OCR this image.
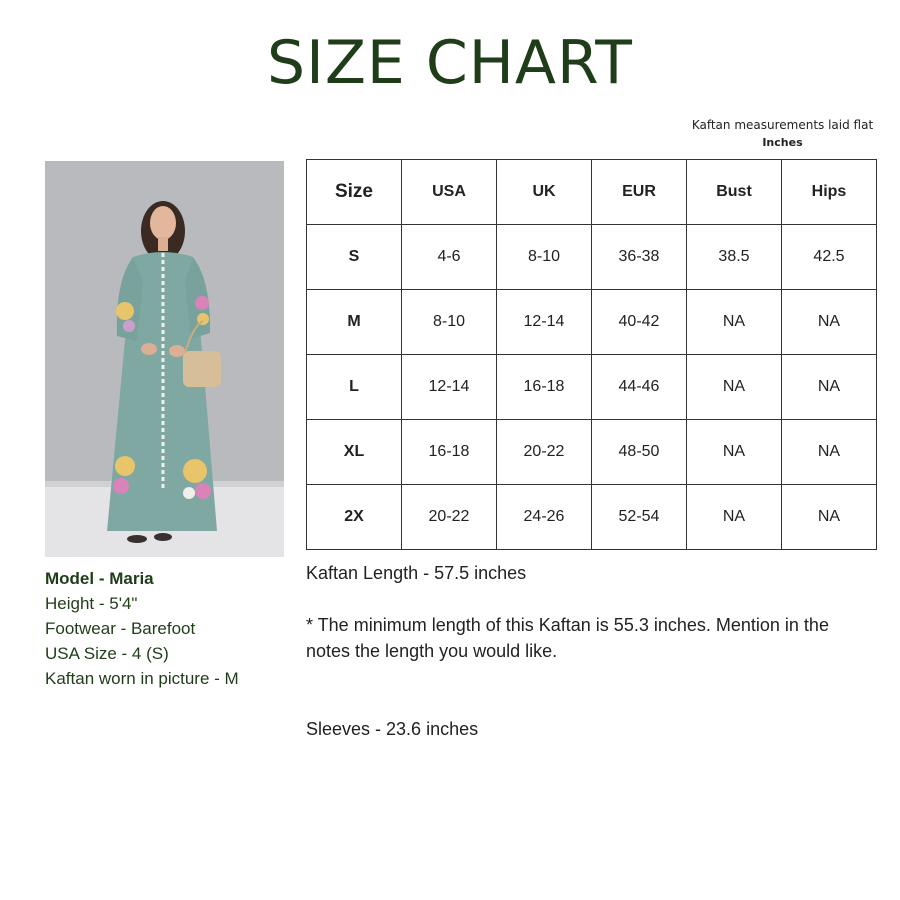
SIZE CHART
Kaftan measurements laid flat
Inches
Model - Maria
Height - 5'4"
Footwear - Barefoot
USA Size - 4 (S)
Kaftan worn in picture - M
Size	USA	UK	EUR	Bust	Hips
S	4-6	8-10	36-38	38.5	42.5
M	8-10	12-14	40-42	NA	NA
L	12-14	16-18	44-46	NA	NA
XL	16-18	20-22	48-50	NA	NA
2X	20-22	24-26	52-54	NA	NA

Kaftan Length - 57.5 inches

* The minimum length of this Kaftan is 55.3 inches. Mention in the notes the length you would like.

Sleeves - 23.6 inches
